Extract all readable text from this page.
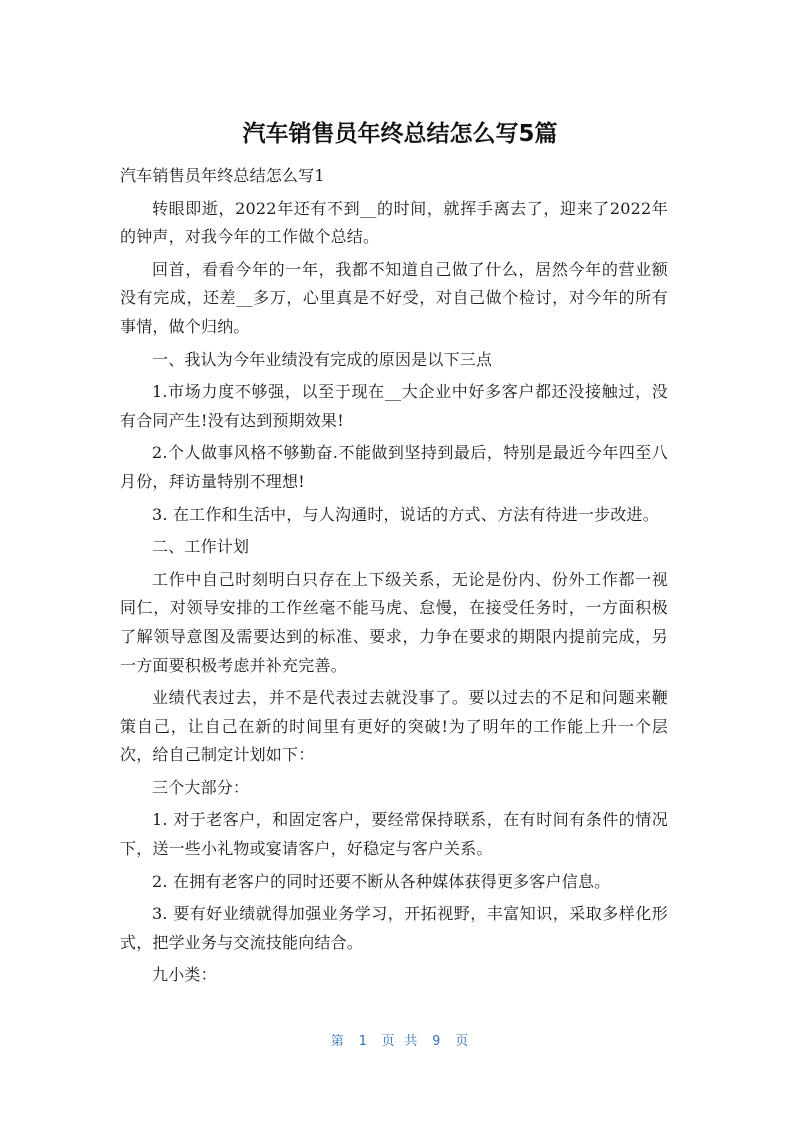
汽车销售员年终总结怎么写5篇

汽车销售员年终总结怎么写1

转眼即逝，2022年还有不到__的时间，就挥手离去了，迎来了2022年的钟声，对我今年的工作做个总结。

回首，看看今年的一年，我都不知道自己做了什么，居然今年的营业额没有完成，还差__多万，心里真是不好受，对自己做个检讨，对今年的所有事情，做个归纳。

一、我认为今年业绩没有完成的原因是以下三点

1.市场力度不够强，以至于现在__大企业中好多客户都还没接触过，没有合同产生!没有达到预期效果!

2.个人做事风格不够勤奋.不能做到坚持到最后，特别是最近今年四至八月份，拜访量特别不理想!

3. 在工作和生活中，与人沟通时，说话的方式、方法有待进一步改进。

二、工作计划

工作中自己时刻明白只存在上下级关系，无论是份内、份外工作都一视同仁，对领导安排的工作丝毫不能马虎、怠慢，在接受任务时，一方面积极了解领导意图及需要达到的标准、要求，力争在要求的期限内提前完成，另一方面要积极考虑并补充完善。

业绩代表过去，并不是代表过去就没事了。要以过去的不足和问题来鞭策自己，让自己在新的时间里有更好的突破!为了明年的工作能上升一个层次，给自己制定计划如下：

三个大部分：

1. 对于老客户，和固定客户，要经常保持联系，在有时间有条件的情况下，送一些小礼物或宴请客户，好稳定与客户关系。

2. 在拥有老客户的同时还要不断从各种媒体获得更多客户信息。

3. 要有好业绩就得加强业务学习，开拓视野，丰富知识，采取多样化形式，把学业务与交流技能向结合。

九小类：

第 1 页 共 9 页
